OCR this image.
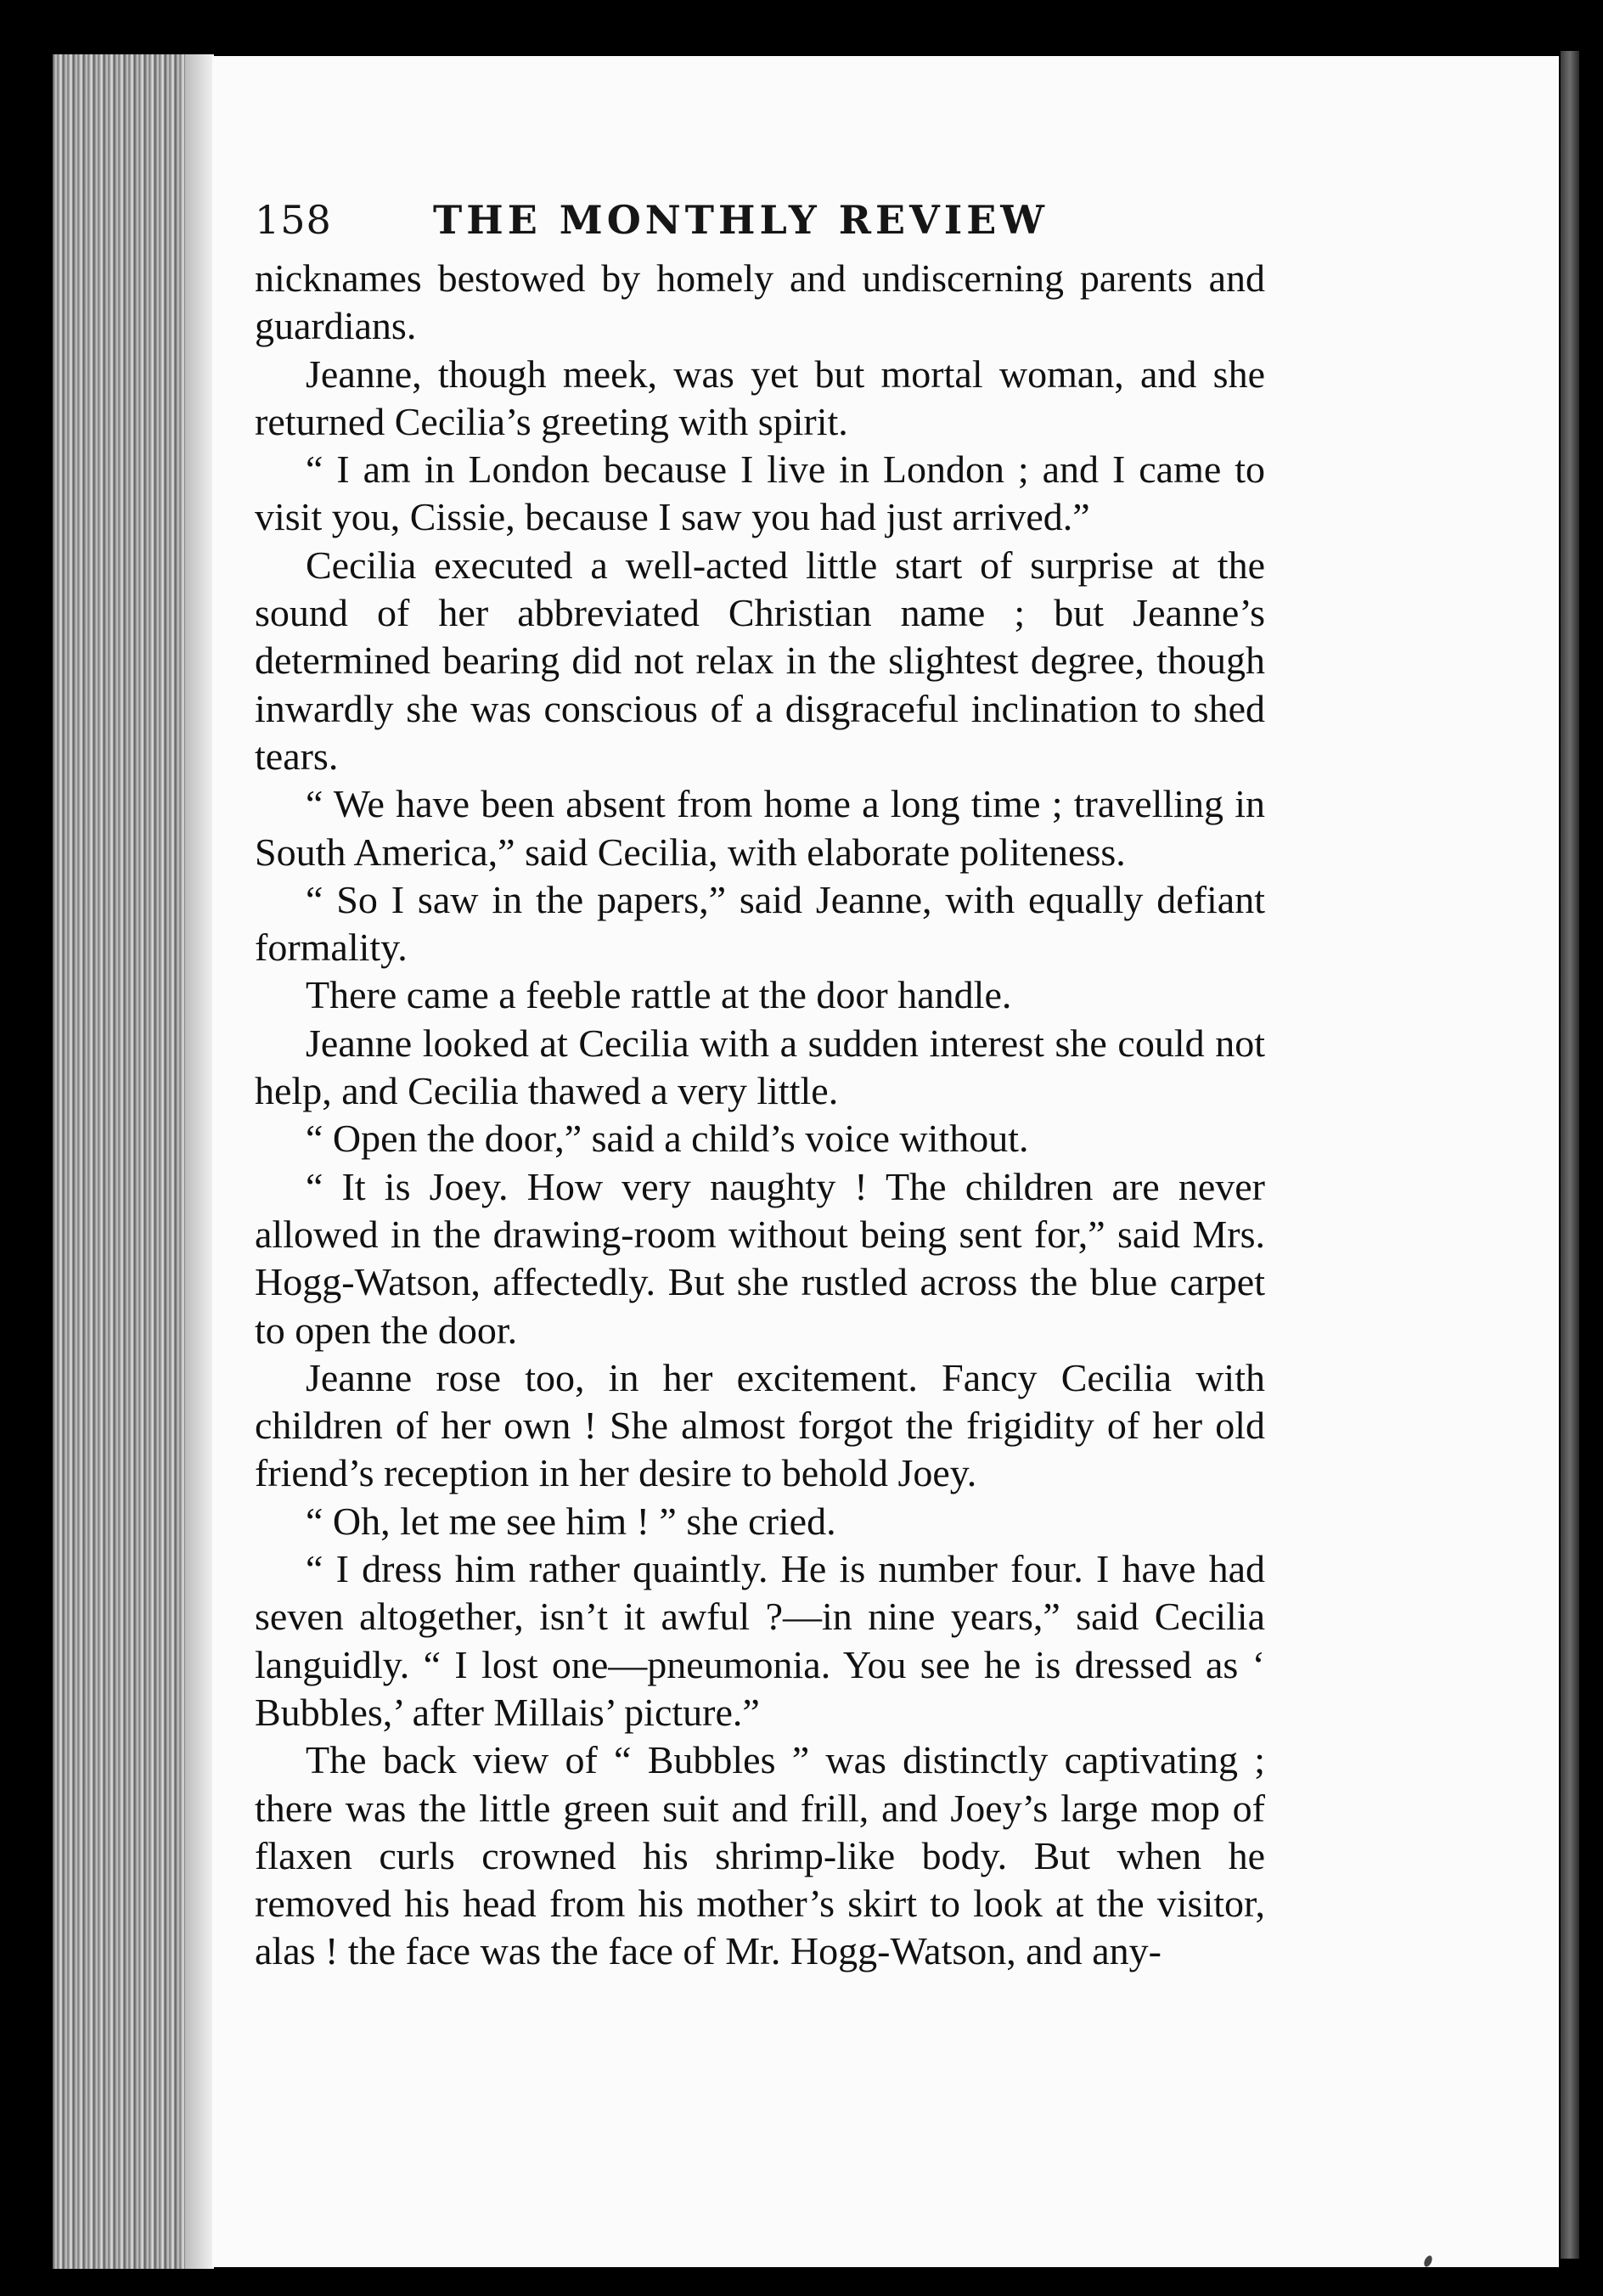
158	THE MONTHLY REVIEW

nicknames bestowed by homely and undiscerning parents and guardians.

Jeanne, though meek, was yet but mortal woman, and she returned Cecilia’s greeting with spirit.

“ I am in London because I live in London ; and I came to visit you, Cissie, because I saw you had just arrived.”

Cecilia executed a well-acted little start of surprise at the sound of her abbreviated Christian name ; but Jeanne’s determined bearing did not relax in the slightest degree, though inwardly she was conscious of a disgraceful inclination to shed tears.

“ We have been absent from home a long time ; travelling in South America,” said Cecilia, with elaborate politeness.

“ So I saw in the papers,” said Jeanne, with equally defiant formality.

There came a feeble rattle at the door handle.

Jeanne looked at Cecilia with a sudden interest she could not help, and Cecilia thawed a very little.

“ Open the door,” said a child’s voice without.

“ It is Joey. How very naughty ! The children are never allowed in the drawing-room without being sent for,” said Mrs. Hogg-Watson, affectedly. But she rustled across the blue carpet to open the door.

Jeanne rose too, in her excitement. Fancy Cecilia with children of her own ! She almost forgot the frigidity of her old friend’s reception in her desire to behold Joey.

“ Oh, let me see him ! ” she cried.

“ I dress him rather quaintly. He is number four. I have had seven altogether, isn’t it awful ?—in nine years,” said Cecilia languidly. “ I lost one—pneumonia. You see he is dressed as ‘ Bubbles,’ after Millais’ picture.”

The back view of “ Bubbles ” was distinctly captivating ; there was the little green suit and frill, and Joey’s large mop of flaxen curls crowned his shrimp-like body. But when he removed his head from his mother’s skirt to look at the visitor, alas ! the face was the face of Mr. Hogg-Watson, and any-
